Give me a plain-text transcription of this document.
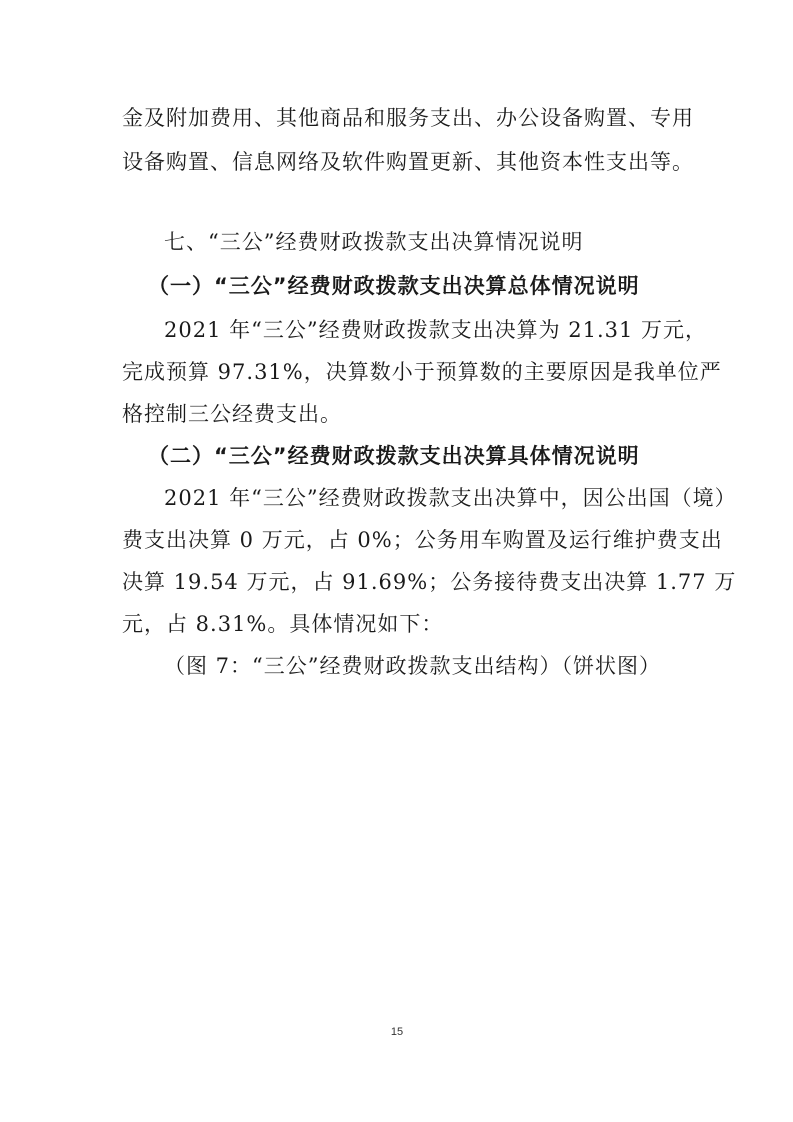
金及附加费用、其他商品和服务支出、办公设备购置、专用
设备购置、信息网络及软件购置更新、其他资本性支出等。
七、“三公”经费财政拨款支出决算情况说明
（一）“三公”经费财政拨款支出决算总体情况说明
2021 年“三公”经费财政拨款支出决算为 21.31 万元，
完成预算 97.31%，决算数小于预算数的主要原因是我单位严
格控制三公经费支出。
（二）“三公”经费财政拨款支出决算具体情况说明
2021 年“三公”经费财政拨款支出决算中，因公出国（境）
费支出决算 0 万元，占 0%；公务用车购置及运行维护费支出
决算 19.54 万元，占 91.69%；公务接待费支出决算 1.77 万
元，占 8.31%。具体情况如下：
（图 7：“三公”经费财政拨款支出结构）（饼状图）
15
